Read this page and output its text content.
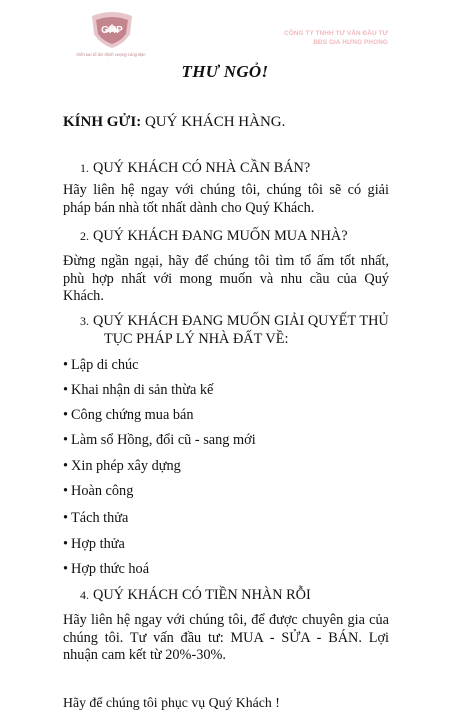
GHP
Kiến tạo tổ ấm thịnh vượng cùng Bạn
CÔNG TY TNHH TƯ VẤN ĐẦU TƯ
BĐS GIA HƯNG PHONG
THƯ NGỎ!
KÍNH GỬI: QUÝ KHÁCH HÀNG.
1. QUÝ KHÁCH CÓ NHÀ CẦN BÁN?
Hãy liên hệ ngay với chúng tôi, chúng tôi sẽ có giải
pháp bán nhà tốt nhất dành cho Quý Khách.
2. QUÝ KHÁCH ĐANG MUỐN MUA NHÀ?
Đừng ngần ngại, hãy để chúng tôi tìm tổ ấm tốt nhất,
phù hợp nhất với mong muốn và nhu cầu của Quý
Khách.
3. QUÝ KHÁCH ĐANG MUỐN GIẢI QUYẾT THỦ
TỤC PHÁP LÝ NHÀ ĐẤT VỀ:
• Lập di chúc
• Khai nhận di sản thừa kế
• Công chứng mua bán
• Làm sổ Hồng, đổi cũ - sang mới
• Xin phép xây dựng
• Hoàn công
• Tách thửa
• Hợp thửa
• Hợp thức hoá
4. QUÝ KHÁCH CÓ TIỀN NHÀN RỖI
Hãy liên hệ ngay với chúng tôi, để được chuyên gia của
chúng tôi. Tư vấn đầu tư: MUA - SỬA - BÁN. Lợi
nhuận cam kết từ 20%-30%.
Hãy để chúng tôi phục vụ Quý Khách !
